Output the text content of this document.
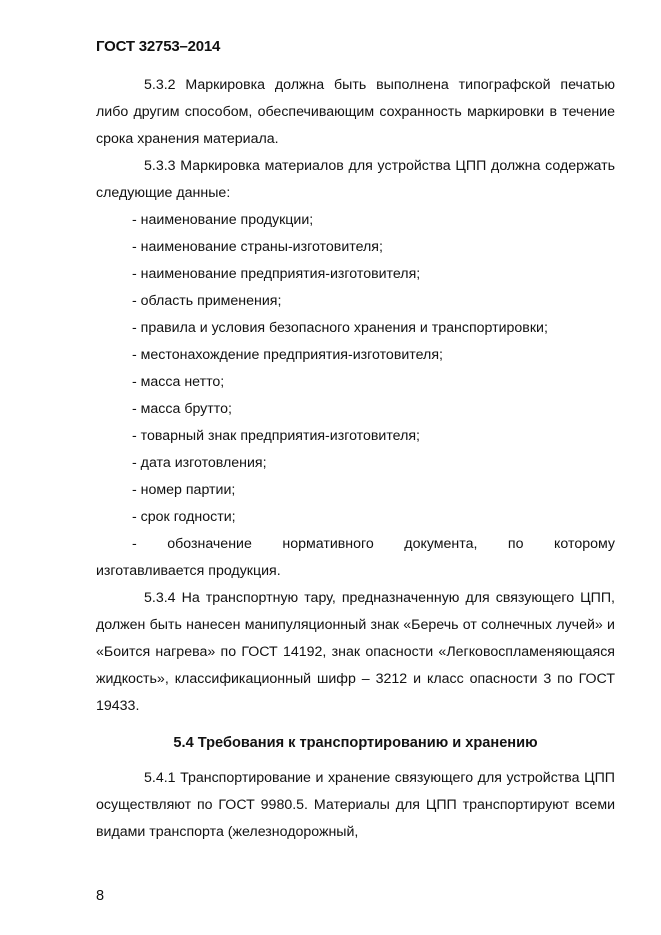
ГОСТ 32753–2014

5.3.2 Маркировка должна быть выполнена типографской печатью либо другим способом, обеспечивающим сохранность маркировки в течение срока хранения материала.

5.3.3 Маркировка материалов для устройства ЦПП должна содержать следующие данные:

- наименование продукции;

- наименование страны-изготовителя;

- наименование предприятия-изготовителя;

- область применения;

- правила и условия безопасного хранения и транспортировки;

- местонахождение предприятия-изготовителя;

- масса нетто;

- масса брутто;

- товарный знак предприятия-изготовителя;

- дата изготовления;

- номер партии;

- срок годности;

- обозначение нормативного документа, по которому

изготавливается продукция.

5.3.4 На транспортную тару, предназначенную для связующего ЦПП, должен быть нанесен манипуляционный знак «Беречь от солнечных лучей» и «Боится нагрева» по ГОСТ 14192, знак опасности «Легковоспламеняющаяся жидкость», классификационный шифр – 3212 и класс опасности 3 по ГОСТ 19433.

5.4 Требования к транспортированию и хранению

5.4.1 Транспортирование и хранение связующего для устройства ЦПП осуществляют по ГОСТ 9980.5. Материалы для ЦПП транспортируют всеми видами транспорта (железнодорожный,

8
